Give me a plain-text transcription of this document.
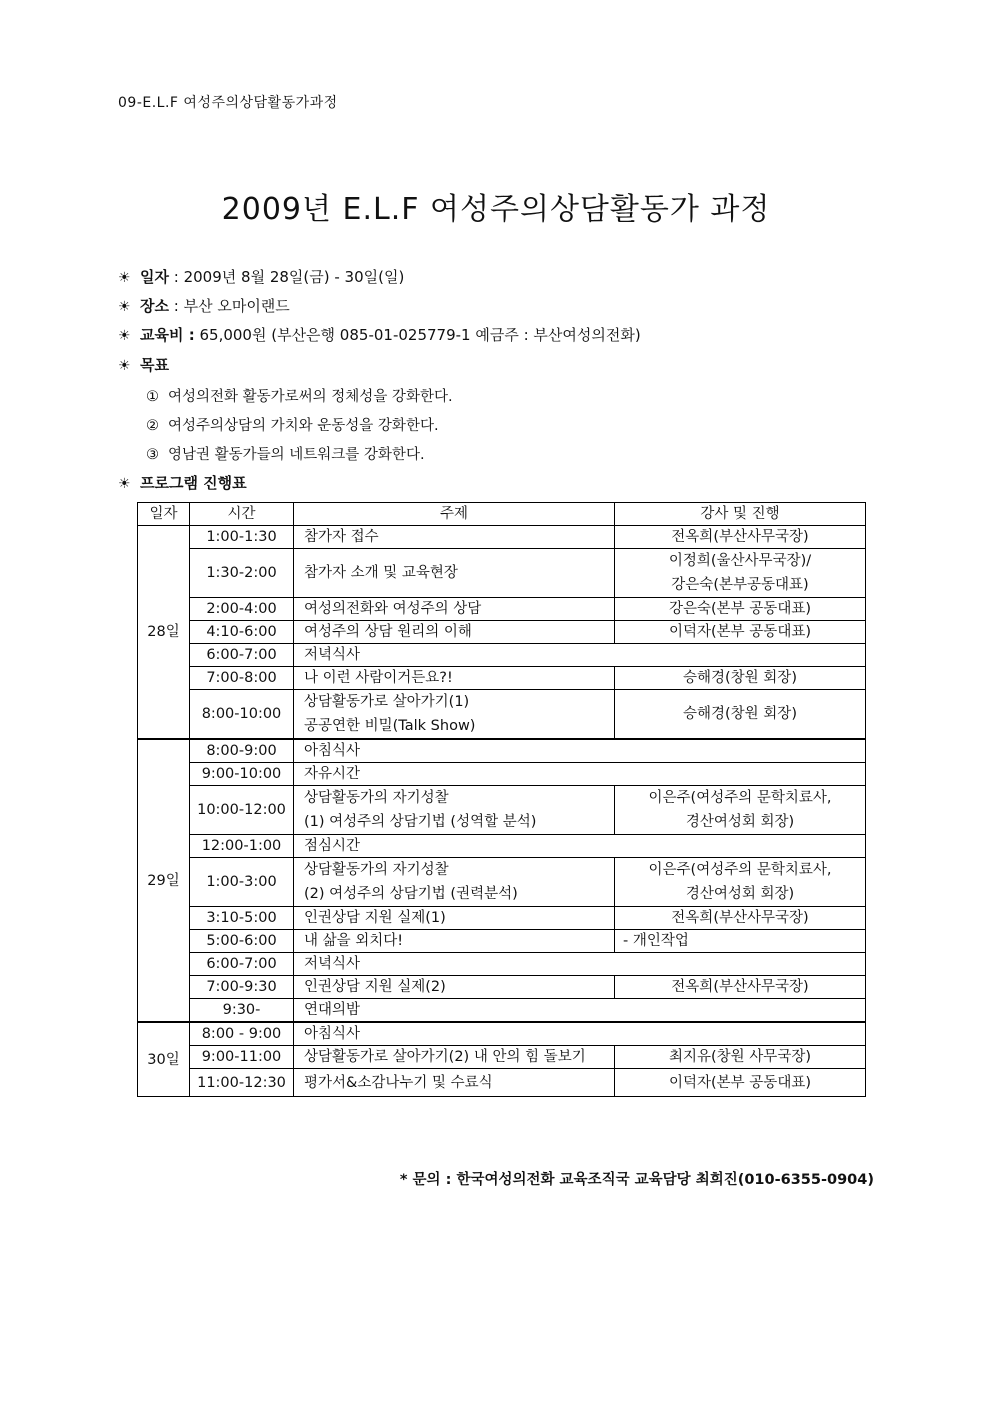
09-E.L.F 여성주의상담활동가과정
2009년 E.L.F 여성주의상담활동가 과정
☀ 일자 : 2009년 8월 28일(금) - 30일(일)
☀ 장소 : 부산 오마이랜드
☀ 교육비 : 65,000원 (부산은행 085-01-025779-1 예금주 : 부산여성의전화)
☀ 목표
① 여성의전화 활동가로써의 정체성을 강화한다.
② 여성주의상담의 가치와 운동성을 강화한다.
③ 영남권 활동가들의 네트워크를 강화한다.
☀ 프로그램 진행표
일자	시간	주제	강사 및 진행
28일	1:00-1:30	참가자 접수	전옥희(부산사무국장)
	1:30-2:00	참가자 소개 및 교육현장	이정희(울산사무국장)/
강은숙(본부공동대표)

	2:00-4:00	여성의전화와 여성주의 상담	강은숙(본부 공동대표)
	4:10-6:00	여성주의 상담 원리의 이해	이덕자(본부 공동대표)
	6:00-7:00	저녁식사	
	7:00-8:00	나 이런 사람이거든요?!	승해경(창원 회장)
	8:00-10:00	상담활동가로 살아가기(1)
공공연한 비밀(Talk Show)	승해경(창원 회장)
29일	8:00-9:00	아침식사	
	9:00-10:00	자유시간	
	10:00-12:00	상담활동가의 자기성찰
(1) 여성주의 상담기법 (성역할 분석)	이은주(여성주의 문학치료사,
경산여성회 회장)

	12:00-1:00	점심시간	
	1:00-3:00	상담활동가의 자기성찰
(2) 여성주의 상담기법 (권력분석)	이은주(여성주의 문학치료사,
경산여성회 회장)

	3:10-5:00	인권상담 지원 실제(1)	전옥희(부산사무국장)
	5:00-6:00	내 삶을 외치다!	- 개인작업
	6:00-7:00	저녁식사	
	7:00-9:30	인권상담 지원 실제(2)	전옥희(부산사무국장)
	9:30-	연대의밤	
30일	8:00 - 9:00	아침식사	
	9:00-11:00	상담활동가로 살아가기(2) 내 안의 힘 돌보기	최지유(창원 사무국장)
	11:00-12:30	평가서&소감나누기 및 수료식	이덕자(본부 공동대표)
* 문의 : 한국여성의전화 교육조직국 교육담당 최희진(010-6355-0904)
